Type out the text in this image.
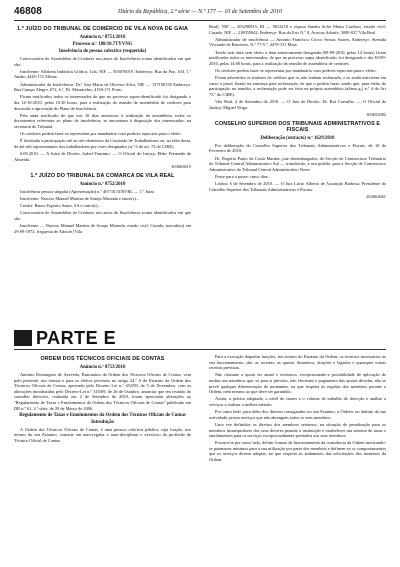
46808	Diário da República, 2.ª série — N.º 177 — 10 de Setembro de 2010
1.º JUÍZO DO TRIBUNAL DE COMÉRCIO DE VILA NOVA DE GAIA
Anúncio n.º 8751/2010
Processo n.º 188/10.7TYVNG
Insolvência de pessoa colectiva (requerida)

Convocatória de Assembleia de Credores nos autos de Insolvência acima identificados em que são:

Insolvente: Alfabeta Indústria Gráfica, Lda, NIF — 503076019, Endereço: Rua da Paz, 104, 1.º Andar, 4445-172 Alfena.

Administrador da Insolvência: Dr.ª Ana Maria de Oliveira Silva, NIF — 137190158 Endereço: Rua Campo Alegre, 672, 6.º, Dt. Massarelos, 4150-171 Porto.

Ficam notificados todos os interessados de que no processo supra-identificado foi designado o dia 14-10-2010, pelas 10.30 horas, para a realização da reunião de assembleia de credores para discussão e aprovação do Plano de Insolvência.

Pela anda notificado de que nos 10 dias anteriores à realização da assembleia, todos os documentos referentes ao plano de insolvência, se encontram à disposição dos interessados, na secretaria do Tribunal.

Os credores podem fazer-se representar por mandatário com poderes especiais para o efeito.

É facultada a participação até ao três elementos da Comissão de Trabalhadores ou, na falta desta, de até três representantes dos trabalhadores por estes designados (n.º 6 do art. 72 do CIRE).

6.09.2010. — A Juíza de Direito, Isabel Faustino. — O Oficial de Justiça, Elder Fernando de Almeida.

303663815
1.º JUÍZO DO TRIBUNAL DA COMARCA DE VILA REAL
Anúncio n.º 8752/2010

Insolvência pessoa singular (Apresentação) n.º 407/10.5TBVRL — 1.º Juízo

Insolvente: Narciso Manuel Martins de Araújo Miranda e outro(s)...

Credor: Banco Espírito Santo, SA e outro(s)...

Convocatória de Assembleia de Credores nos autos de Insolvência acima identificados em que são:

Insolvente — Narciso Manuel Martins de Araujo Miranda, estado civil: Casado, nascido(a) em 29-09-1972, freguesia de Adoufe [Vila

Real], NIF — 203296915, BI — 9813218 e esposa Sandra Sofia Matos Cardoso, estado civil: Casado, NIF — 210055842, Endereço: Rua da Estr N.º 8, Arroios Adoufe, 5000-027 Vila Real

Administrador de insolvência — Antonio Francisco Cocco Seixas Soares, Endereço: Avenida Visconde de Barreiros, N.º 77-5.º, 4470-151 Maia

Tendo sido data sem efeito a data anteriormente designada (09-09-2010, pelas 14 horas) ficam notificados todos os interessados, de que no processo supra identificado, foi designado o dia 30-09-2010, pelas 14:00 horas, para a realização da reunião de assembleia de credores.

Os credores podem fazer-se representar por mandatário com poderes especiais para o efeito.

Ficam advertidos os titulares de créditos que os não tenham reclamado, e se ainda estiverem em curso o prazo fixado na sentença para reclamação, de que o podem fazer, sendo que, para efeito de participação na reunião, a reclamação pode ser feita na própria assembleia (alínea g,) n.º 4 do Art 75.º do CIRE).

Vila Real, 2 de Setembro de 2010. — O Juiz de Direito, Dr. Rui Carvalho. — O Oficial de Justiça, Miguel Veiga.

303652982
CONSELHO SUPERIOR DOS TRIBUNAIS ADMINISTRATIVOS E FISCAIS
Deliberação (extracto) n.º 1629/2010

Por deliberação do Conselho Superior dos Tribunais Administrativos e Fiscais, de 10 de Fevereiro de 2010:

Dr. Rogério Paulo da Costa Martini, juiz desembargador, da Secção de Contencioso Tributário do Tribunal Central Administrativo Sul — transferido, a seu pedido, para a Secção de Contencioso Administrativo do Tribunal Central Administrativo Norte.

Posse para a posse: cinco dias.

Lisboa, 6 de Setembro de 2010. — O Juiz Lúcio Alberto de Assunção Barbosa, Presidente do Conselho Superior dos Tribunais Administrativos e Fiscais.

203662661
PARTE E
ORDEM DOS TÉCNICOS OFICIAIS DE CONTAS
Anúncio n.º 8753/2010

António Domingues de Azevedo, Bastonário da Ordem dos Técnicos Oficiais de Contas, vem pelo presente, nos termos e para os efeitos previstos no artigo 24.º A do Estatuto da Ordem dos Técnicos Oficiais de Contas, aprovado pelo Decreto Lei n.º 452/99, de 5 de Novembro, com as alterações introduzidas pelo Decreto-Lei n.º 310/09, de 26 de Outubro, anunciar que em reunião do conselho directivo, realizada em 2 de Setembro de 2010, foram aprovadas alterações ao "Regulamento de Taxas e Emolumentos da Ordem dos Técnicos Oficiais de Contas" publicado em DR n.º 61, 2.ª série, de 29 de Março de 2006.

Regulamento de Taxas e Emolumentos da Ordem dos Técnicos Oficiais de Contas
Introdução

A Ordem dos Técnicos Oficiais de Contas, é uma pessoa colectiva pública, cuja função, nos termos do seu Estatuto, consiste em auto-regular e auto-disciplinar o exercício da profissão de Técnico Oficial de Contas.

Para a execução daquelas funções, nos termos do Estatuto da Ordem, os recursos necessários ao seu funcionamento, são: as receitas, as quotas, donativos, doações e legados e quaisquer outras receitas previstas.

Não obstante a quota ser anual e exclusiva, excepcionando-a possibilidade de aplicação de multas aos membros que, só para si previsto, não efectuam o pagamento das quotas devidas, não se prevê qualquer diferenciação de montantes, na que respeita às regalias dos membros perante a Ordem, nem mesmo ao que deve ser garantido.

Assim, a prática adoptada, o nível de custos e o volume de trabalho de direcção e análise a serviços a realizar a melhor método.

Por outro lado, para além dos direitos consignados no seu Estatuto, a Ordem, no âmbito da sua actividade, presta serviços que não abrangem todos os seus membros.

Uma vez definidos os direitos dos membros seriamos, na situação de penalização para os membros incumpridores dos seus deveres perante a instituição e estabelecer um sistema de taxas e emolumentos para os serviços excepcionalmente prestados aos seus membros.

Procura-se por outro lado, definir formas de funcionamento da consultoria da Ordem motivando-se patamares mínimos para a sua utilização por parte dos membros e definem-se os comportamentos que os serviços devem adoptar, no que respeita ao andamento das solicitações dos membros da Ordem.
